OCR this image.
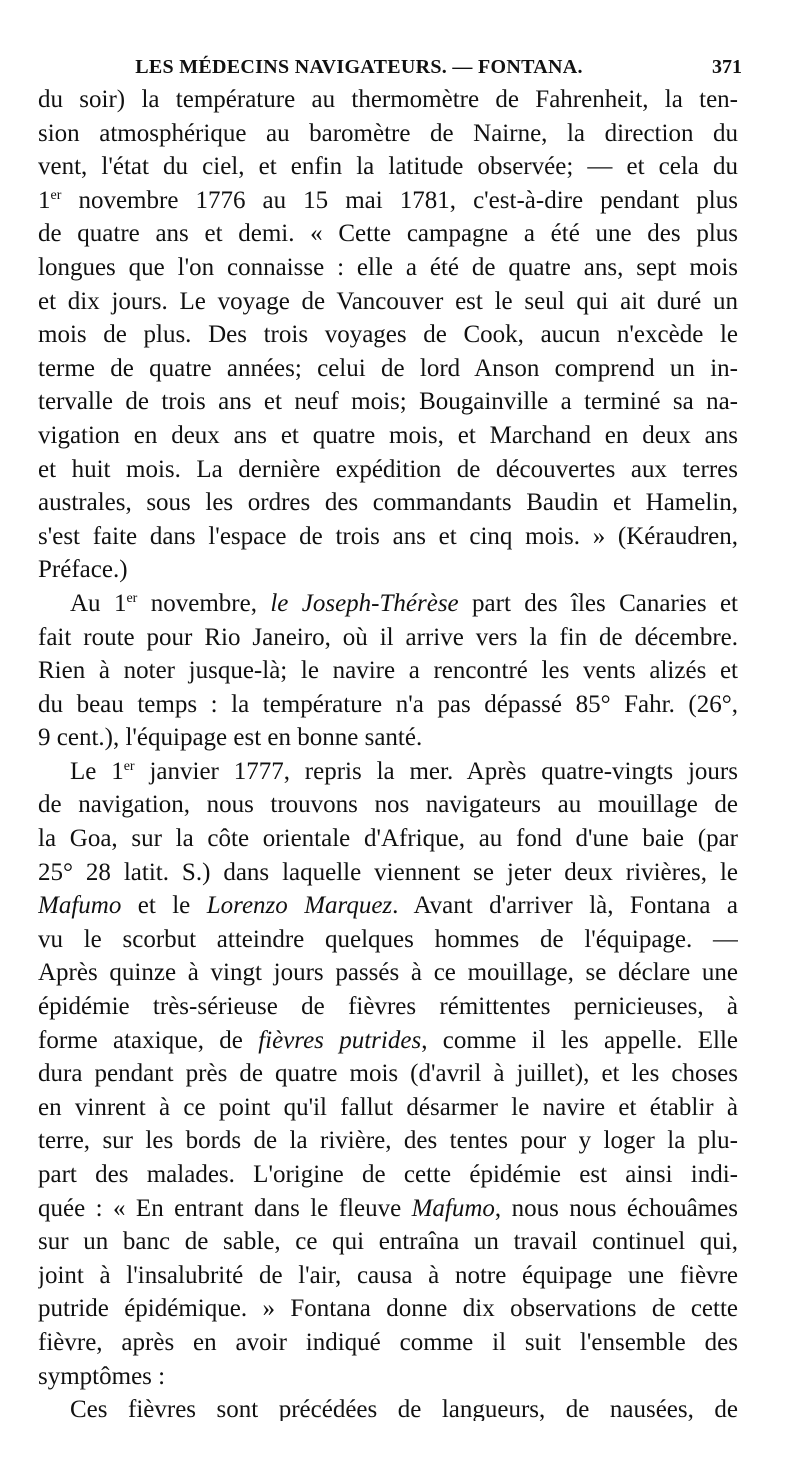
LES MÉDECINS NAVIGATEURS. — FONTANA.	371
du soir) la température au thermomètre de Fahrenheit, la ten-
sion atmosphérique au baromètre de Nairne, la direction du
vent, l'état du ciel, et enfin la latitude observée; — et cela du
1er novembre 1776 au 15 mai 1781, c'est-à-dire pendant plus
de quatre ans et demi. « Cette campagne a été une des plus
longues que l'on connaisse : elle a été de quatre ans, sept mois
et dix jours. Le voyage de Vancouver est le seul qui ait duré un
mois de plus. Des trois voyages de Cook, aucun n'excède le
terme de quatre années; celui de lord Anson comprend un in-
tervalle de trois ans et neuf mois; Bougainville a terminé sa na-
vigation en deux ans et quatre mois, et Marchand en deux ans
et huit mois. La dernière expédition de découvertes aux terres
australes, sous les ordres des commandants Baudin et Hamelin,
s'est faite dans l'espace de trois ans et cinq mois. » (Kéraudren,
Préface.)
Au 1er novembre, le Joseph-Thérèse part des îles Canaries et
fait route pour Rio Janeiro, où il arrive vers la fin de décembre.
Rien à noter jusque-là; le navire a rencontré les vents alizés et
du beau temps : la température n'a pas dépassé 85° Fahr. (26°,
9 cent.), l'équipage est en bonne santé.
Le 1er janvier 1777, repris la mer. Après quatre-vingts jours
de navigation, nous trouvons nos navigateurs au mouillage de
la Goa, sur la côte orientale d'Afrique, au fond d'une baie (par
25° 28 latit. S.) dans laquelle viennent se jeter deux rivières, le
Mafumo et le Lorenzo Marquez. Avant d'arriver là, Fontana a
vu le scorbut atteindre quelques hommes de l'équipage. —
Après quinze à vingt jours passés à ce mouillage, se déclare une
épidémie très-sérieuse de fièvres rémittentes pernicieuses, à
forme ataxique, de fièvres putrides, comme il les appelle. Elle
dura pendant près de quatre mois (d'avril à juillet), et les choses
en vinrent à ce point qu'il fallut désarmer le navire et établir à
terre, sur les bords de la rivière, des tentes pour y loger la plu-
part des malades. L'origine de cette épidémie est ainsi indi-
quée : « En entrant dans le fleuve Mafumo, nous nous échouâmes
sur un banc de sable, ce qui entraîna un travail continuel qui,
joint à l'insalubrité de l'air, causa à notre équipage une fièvre
putride épidémique. » Fontana donne dix observations de cette
fièvre, après en avoir indiqué comme il suit l'ensemble des
symptômes :
Ces fièvres sont précédées de langueurs, de nausées, de
